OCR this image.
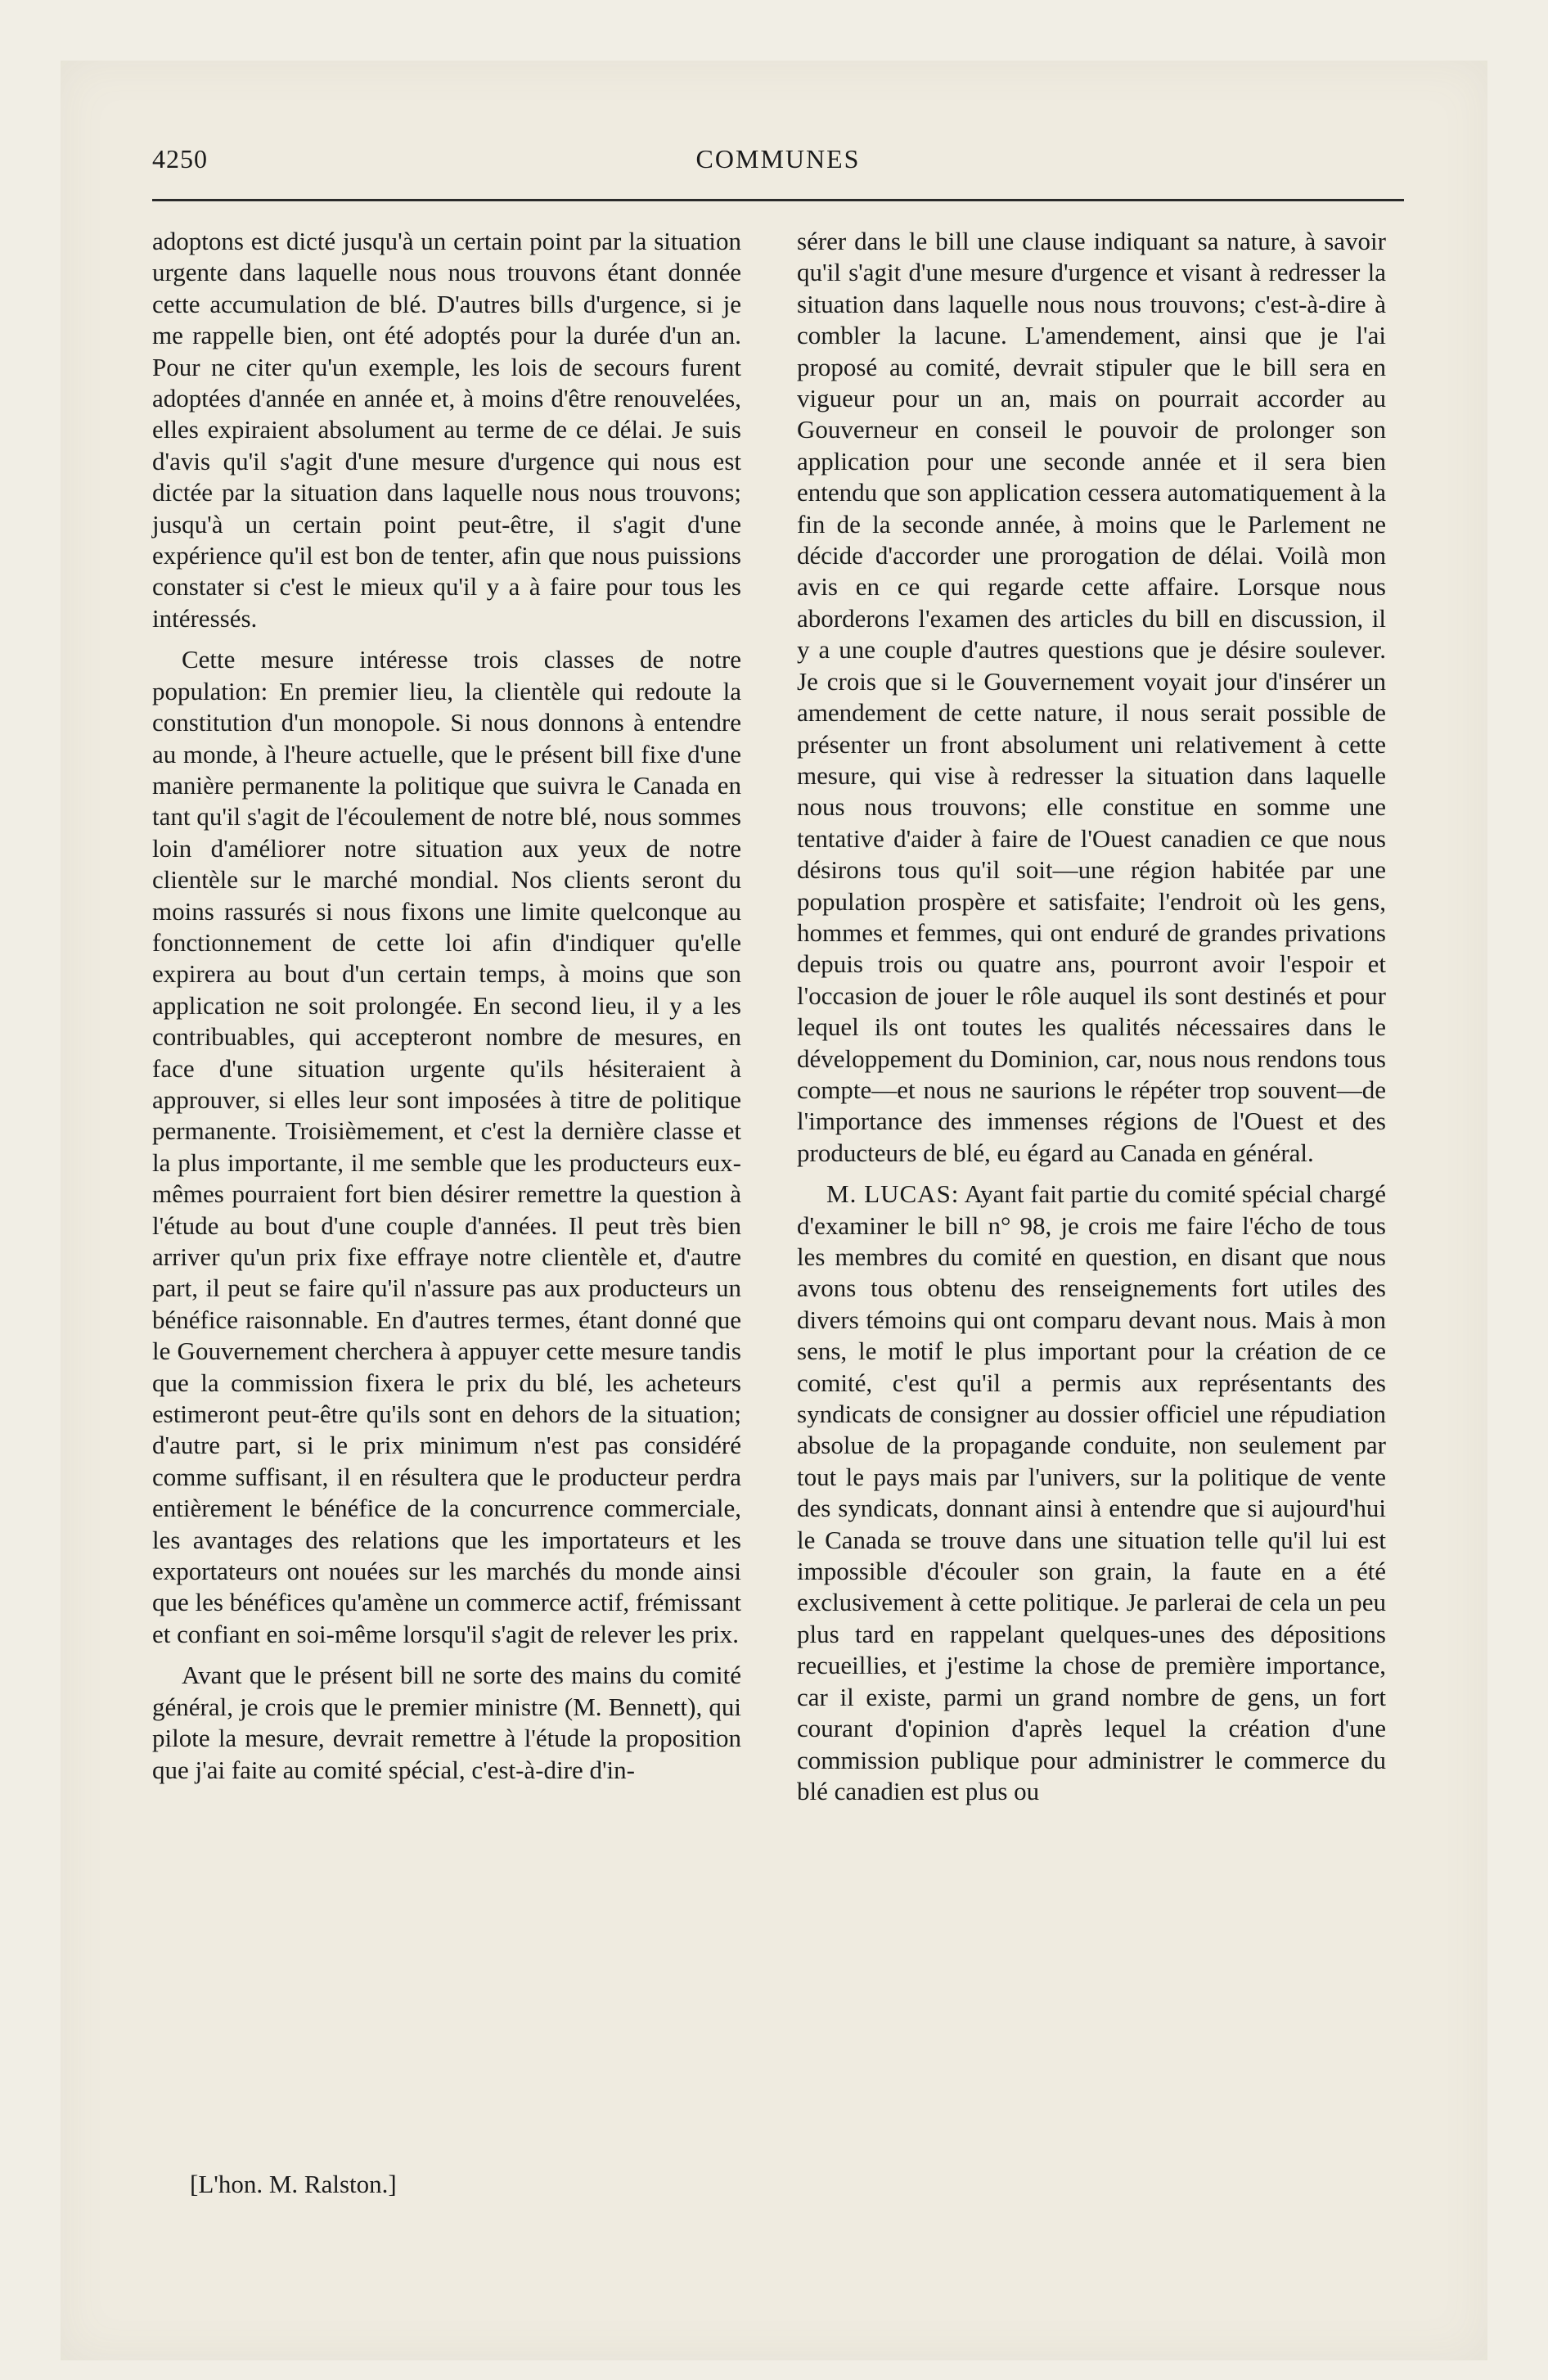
4250	COMMUNES

adoptons est dicté jusqu'à un certain point par la situation urgente dans laquelle nous nous trouvons étant donnée cette accumulation de blé. D'autres bills d'urgence, si je me rappelle bien, ont été adoptés pour la durée d'un an. Pour ne citer qu'un exemple, les lois de secours furent adoptées d'année en année et, à moins d'être renouvelées, elles expiraient absolument au terme de ce délai. Je suis d'avis qu'il s'agit d'une mesure d'urgence qui nous est dictée par la situation dans laquelle nous nous trouvons; jusqu'à un certain point peut-être, il s'agit d'une expérience qu'il est bon de tenter, afin que nous puissions constater si c'est le mieux qu'il y a à faire pour tous les intéressés.

Cette mesure intéresse trois classes de notre population: En premier lieu, la clientèle qui redoute la constitution d'un monopole. Si nous donnons à entendre au monde, à l'heure actuelle, que le présent bill fixe d'une manière permanente la politique que suivra le Canada en tant qu'il s'agit de l'écoulement de notre blé, nous sommes loin d'améliorer notre situation aux yeux de notre clientèle sur le marché mondial. Nos clients seront du moins rassurés si nous fixons une limite quelconque au fonctionnement de cette loi afin d'indiquer qu'elle expirera au bout d'un certain temps, à moins que son application ne soit prolongée. En second lieu, il y a les contribuables, qui accepteront nombre de mesures, en face d'une situation urgente qu'ils hésiteraient à approuver, si elles leur sont imposées à titre de politique permanente. Troisièmement, et c'est la dernière classe et la plus importante, il me semble que les producteurs eux-mêmes pourraient fort bien désirer remettre la question à l'étude au bout d'une couple d'années. Il peut très bien arriver qu'un prix fixe effraye notre clientèle et, d'autre part, il peut se faire qu'il n'assure pas aux producteurs un bénéfice raisonnable. En d'autres termes, étant donné que le Gouvernement cherchera à appuyer cette mesure tandis que la commission fixera le prix du blé, les acheteurs estimeront peut-être qu'ils sont en dehors de la situation; d'autre part, si le prix minimum n'est pas considéré comme suffisant, il en résultera que le producteur perdra entièrement le bénéfice de la concurrence commerciale, les avantages des relations que les importateurs et les exportateurs ont nouées sur les marchés du monde ainsi que les bénéfices qu'amène un commerce actif, frémissant et confiant en soi-même lorsqu'il s'agit de relever les prix.

Avant que le présent bill ne sorte des mains du comité général, je crois que le premier ministre (M. Bennett), qui pilote la mesure, devrait remettre à l'étude la proposition que j'ai faite au comité spécial, c'est-à-dire d'in-

[L'hon. M. Ralston.]

sérer dans le bill une clause indiquant sa nature, à savoir qu'il s'agit d'une mesure d'urgence et visant à redresser la situation dans laquelle nous nous trouvons; c'est-à-dire à combler la lacune. L'amendement, ainsi que je l'ai proposé au comité, devrait stipuler que le bill sera en vigueur pour un an, mais on pourrait accorder au Gouverneur en conseil le pouvoir de prolonger son application pour une seconde année et il sera bien entendu que son application cessera automatiquement à la fin de la seconde année, à moins que le Parlement ne décide d'accorder une prorogation de délai. Voilà mon avis en ce qui regarde cette affaire. Lorsque nous aborderons l'examen des articles du bill en discussion, il y a une couple d'autres questions que je désire soulever. Je crois que si le Gouvernement voyait jour d'insérer un amendement de cette nature, il nous serait possible de présenter un front absolument uni relativement à cette mesure, qui vise à redresser la situation dans laquelle nous nous trouvons; elle constitue en somme une tentative d'aider à faire de l'Ouest canadien ce que nous désirons tous qu'il soit—une région habitée par une population prospère et satisfaite; l'endroit où les gens, hommes et femmes, qui ont enduré de grandes privations depuis trois ou quatre ans, pourront avoir l'espoir et l'occasion de jouer le rôle auquel ils sont destinés et pour lequel ils ont toutes les qualités nécessaires dans le développement du Dominion, car, nous nous rendons tous compte—et nous ne saurions le répéter trop souvent—de l'importance des immenses régions de l'Ouest et des producteurs de blé, eu égard au Canada en général.

M. LUCAS: Ayant fait partie du comité spécial chargé d'examiner le bill n° 98, je crois me faire l'écho de tous les membres du comité en question, en disant que nous avons tous obtenu des renseignements fort utiles des divers témoins qui ont comparu devant nous. Mais à mon sens, le motif le plus important pour la création de ce comité, c'est qu'il a permis aux représentants des syndicats de consigner au dossier officiel une répudiation absolue de la propagande conduite, non seulement par tout le pays mais par l'univers, sur la politique de vente des syndicats, donnant ainsi à entendre que si aujourd'hui le Canada se trouve dans une situation telle qu'il lui est impossible d'écouler son grain, la faute en a été exclusivement à cette politique. Je parlerai de cela un peu plus tard en rappelant quelques-unes des dépositions recueillies, et j'estime la chose de première importance, car il existe, parmi un grand nombre de gens, un fort courant d'opinion d'après lequel la création d'une commission publique pour administrer le commerce du blé canadien est plus ou
